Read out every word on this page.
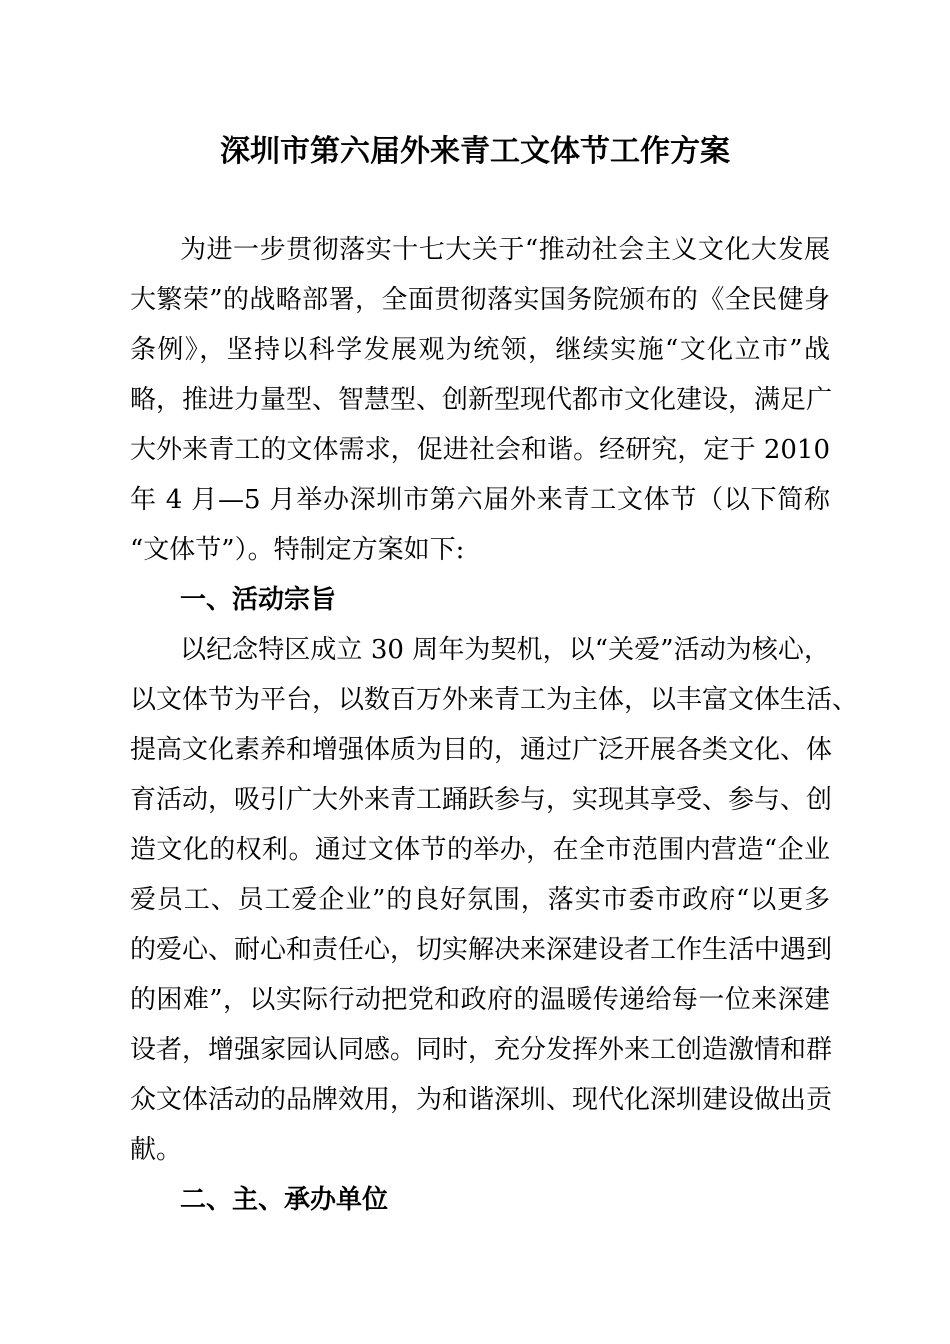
深圳市第六届外来青工文体节工作方案

为进一步贯彻落实十七大关于“推动社会主义文化大发展

大繁荣”的战略部署，全面贯彻落实国务院颁布的《全民健身

条例》，坚持以科学发展观为统领，继续实施“文化立市”战

略，推进力量型、智慧型、创新型现代都市文化建设，满足广

大外来青工的文体需求，促进社会和谐。经研究，定于 2010

年 4 月—5 月举办深圳市第六届外来青工文体节（以下简称

“文体节”）。特制定方案如下:

一、活动宗旨

以纪念特区成立 30 周年为契机，以“关爱”活动为核心，

以文体节为平台，以数百万外来青工为主体，以丰富文体生活、

提高文化素养和增强体质为目的，通过广泛开展各类文化、体

育活动，吸引广大外来青工踊跃参与，实现其享受、参与、创

造文化的权利。通过文体节的举办，在全市范围内营造“企业

爱员工、员工爱企业”的良好氛围，落实市委市政府“以更多

的爱心、耐心和责任心，切实解决来深建设者工作生活中遇到

的困难”，以实际行动把党和政府的温暖传递给每一位来深建

设者，增强家园认同感。同时，充分发挥外来工创造激情和群

众文体活动的品牌效用，为和谐深圳、现代化深圳建设做出贡

献。

二、主、承办单位
